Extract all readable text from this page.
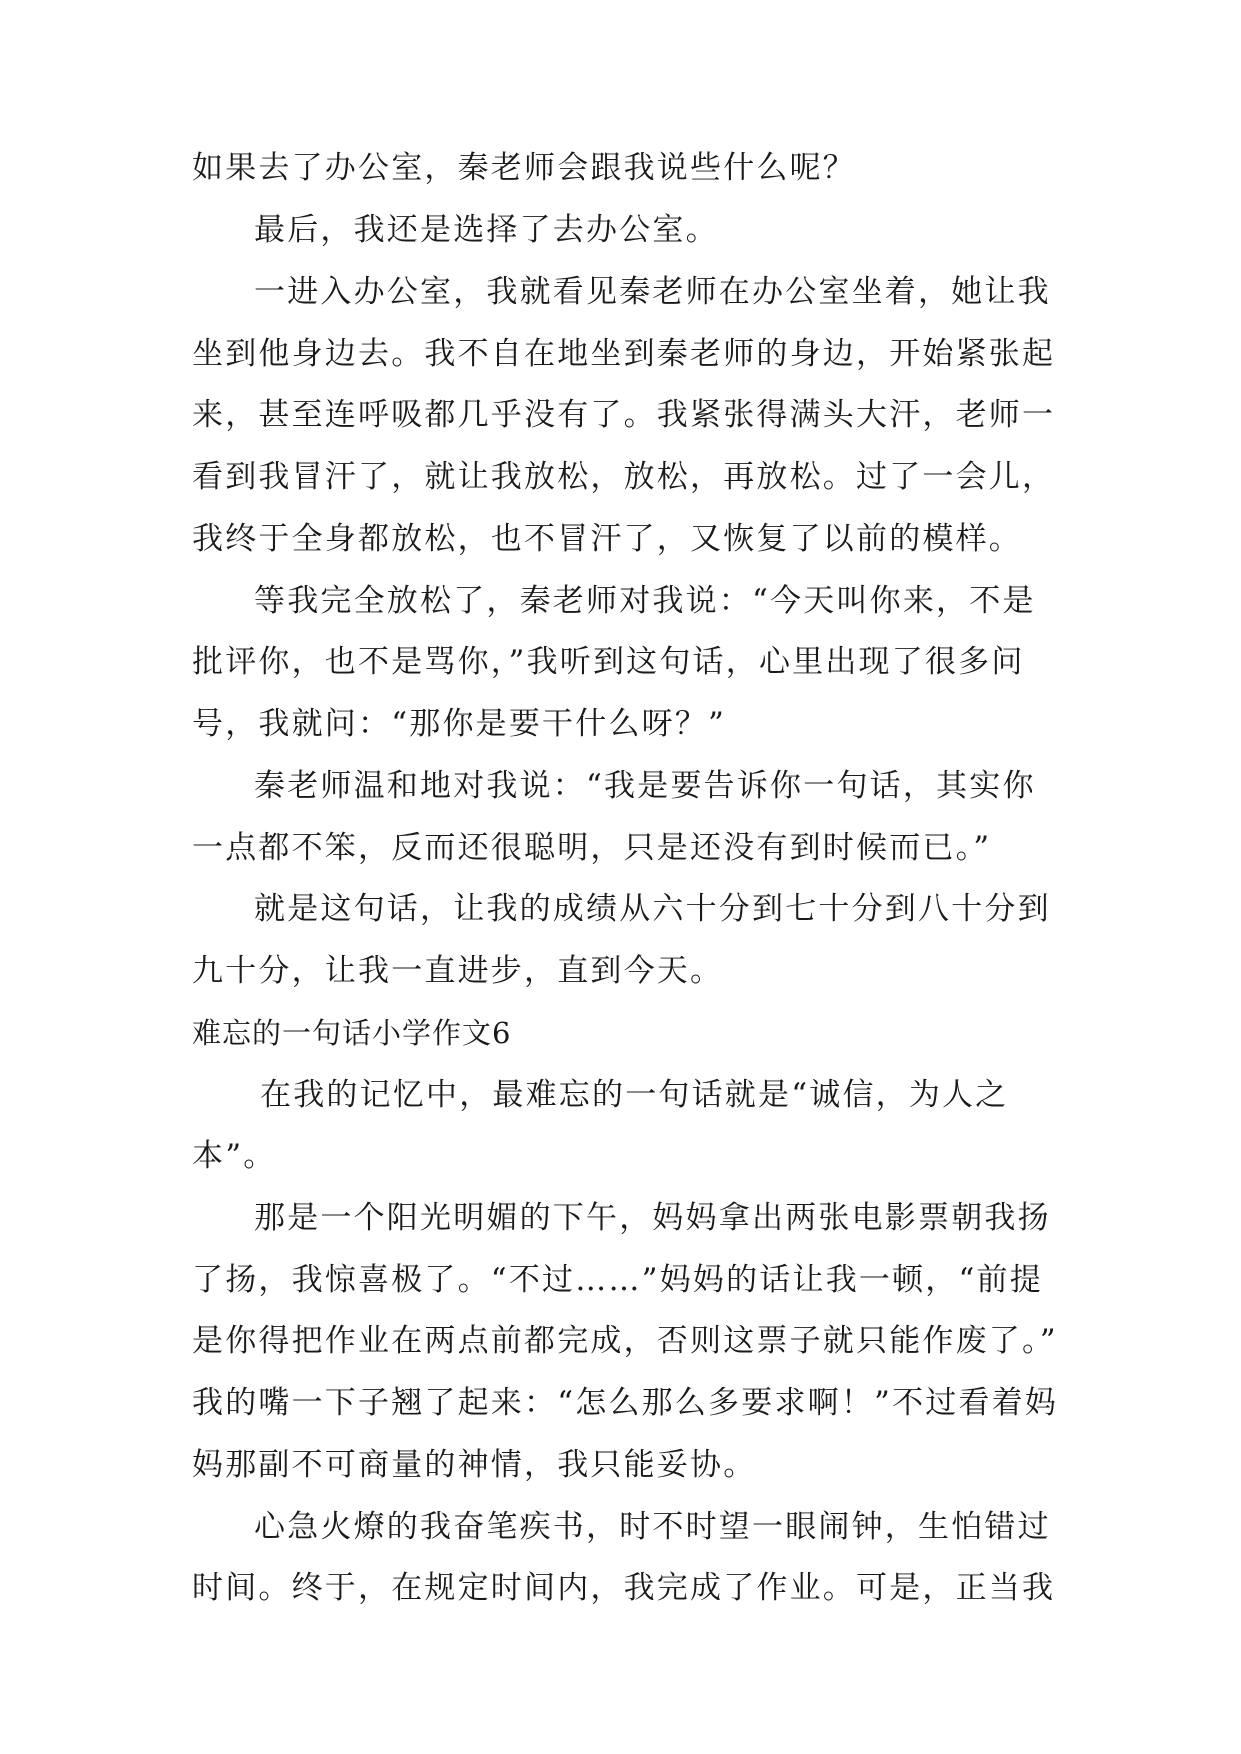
如果去了办公室，秦老师会跟我说些什么呢？
最后，我还是选择了去办公室。
一进入办公室，我就看见秦老师在办公室坐着，她让我
坐到他身边去。我不自在地坐到秦老师的身边，开始紧张起
来，甚至连呼吸都几乎没有了。我紧张得满头大汗，老师一
看到我冒汗了，就让我放松，放松，再放松。过了一会儿，
我终于全身都放松，也不冒汗了，又恢复了以前的模样。
等我完全放松了，秦老师对我说：“今天叫你来，不是
批评你，也不是骂你，”我听到这句话，心里出现了很多问
号，我就问：“那你是要干什么呀？”
秦老师温和地对我说：“我是要告诉你一句话，其实你
一点都不笨，反而还很聪明，只是还没有到时候而已。”
就是这句话，让我的成绩从六十分到七十分到八十分到
九十分，让我一直进步，直到今天。
难忘的一句话小学作文6
在我的记忆中，最难忘的一句话就是“诚信，为人之
本”。
那是一个阳光明媚的下午，妈妈拿出两张电影票朝我扬
了扬，我惊喜极了。“不过……”妈妈的话让我一顿，“前提
是你得把作业在两点前都完成，否则这票子就只能作废了。”
我的嘴一下子翘了起来：“怎么那么多要求啊！”不过看着妈
妈那副不可商量的神情，我只能妥协。
心急火燎的我奋笔疾书，时不时望一眼闹钟，生怕错过
时间。终于，在规定时间内，我完成了作业。可是，正当我
